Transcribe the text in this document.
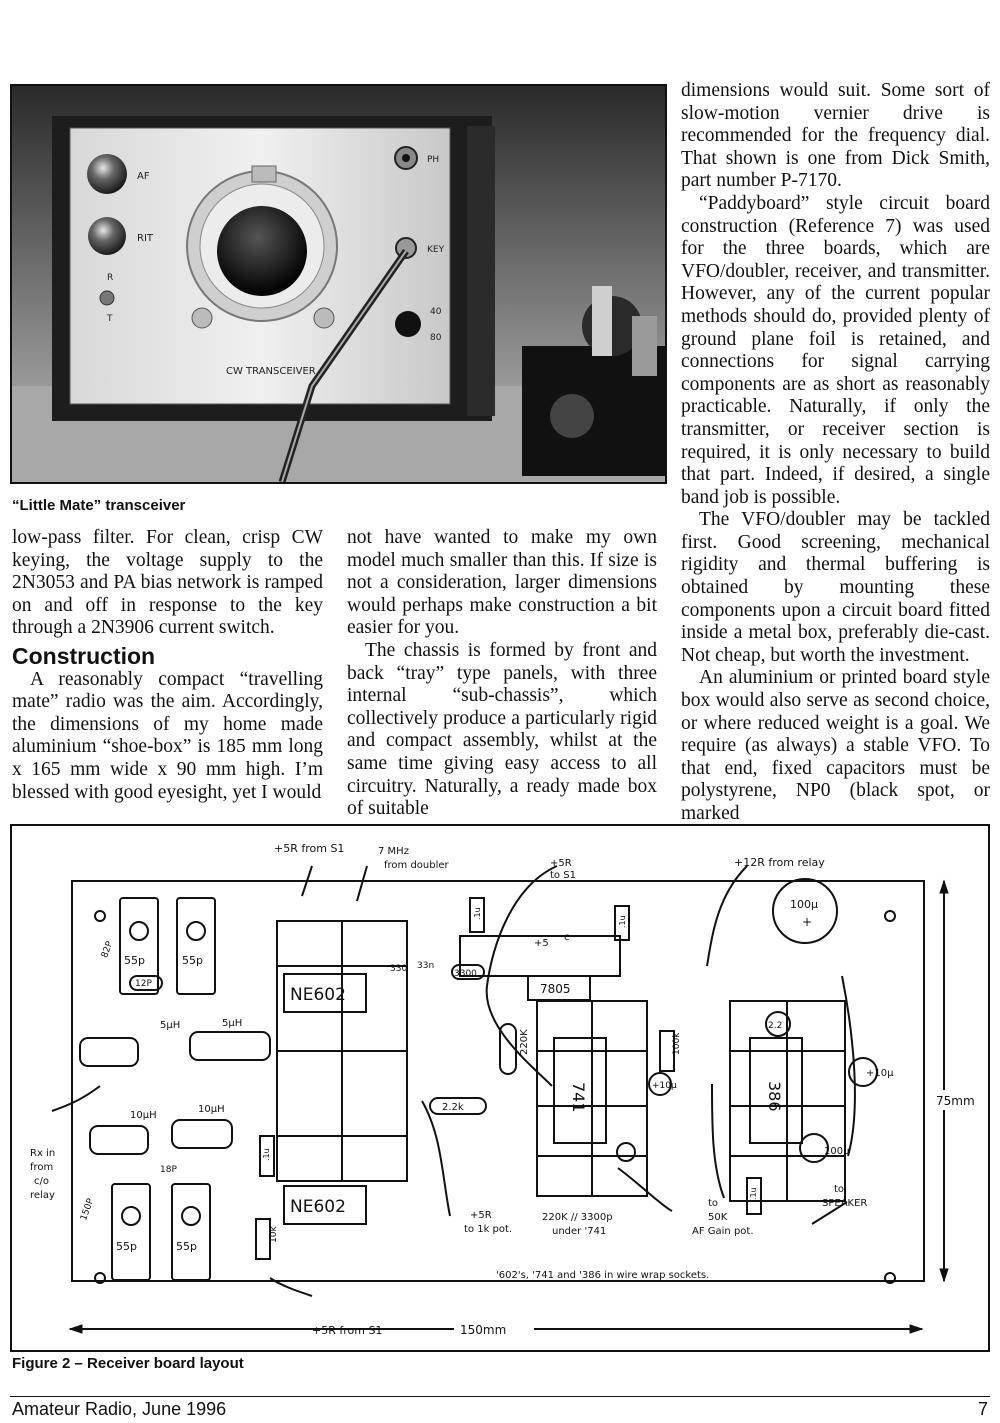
AF
RIT
R
T
CW TRANSCEIVER
PH
KEY
40
80
“Little Mate” transceiver

low-pass filter. For clean, crisp CW keying, the voltage supply to the 2N3053 and PA bias network is ramped on and off in response to the key through a 2N3906 current switch.

Construction

A reasonably compact “travelling mate” radio was the aim. Accordingly, the dimensions of my home made aluminium “shoe-box” is 185 mm long x 165 mm wide x 90 mm high. I’m blessed with good eyesight, yet I would

not have wanted to make my own model much smaller than this. If size is not a consideration, larger dimensions would perhaps make construction a bit easier for you.

The chassis is formed by front and back “tray” type panels, with three internal “sub-chassis”, which collectively produce a particularly rigid and compact assembly, whilst at the same time giving easy access to all circuitry. Naturally, a ready made box of suitable

dimensions would suit. Some sort of slow-motion vernier drive is recommended for the frequency dial. That shown is one from Dick Smith, part number P-7170.

“Paddyboard” style circuit board construction (Reference 7) was used for the three boards, which are VFO/doubler, receiver, and transmitter. However, any of the current popular methods should do, provided plenty of ground plane foil is retained, and connections for signal carrying components are as short as reasonably practicable. Naturally, if only the transmitter, or receiver section is required, it is only necessary to build that part. Indeed, if desired, a single band job is possible.

The VFO/doubler may be tackled first. Good screening, mechanical rigidity and thermal buffering is obtained by mounting these components upon a circuit board fitted inside a metal box, preferably die-cast. Not cheap, but worth the investment.

An aluminium or printed board style box would also serve as second choice, or where reduced weight is a goal. We require (as always) a stable VFO. To that end, fixed capacitors must be polystyrene, NP0 (black spot, or marked

+5R from S1	7 MHz
from doubler	+5R
to S1
+12R from relay
NE602
NE602
7805
741	386
55p	55p
55p	55p
100µ
+
+10µ
100µ
2.2
+10µ
12P
82P
18P
150P
330 33n
3300
220K
2.2k
100k
10k
.1u
.1u
.1u
.1u
5µH	5µH
10µH
10µH
Rx in
from
c/o
relay
+5R
to 1k pot.
220K // 3300p
under '741
to
50K
AF Gain pot.
to
SPEAKER
'602's, '741 and '386 in wire wrap sockets.
+5R from S1	150mm
75mm
+5
c
Figure 2 – Receiver board layout
Amateur Radio, June 1996	7
